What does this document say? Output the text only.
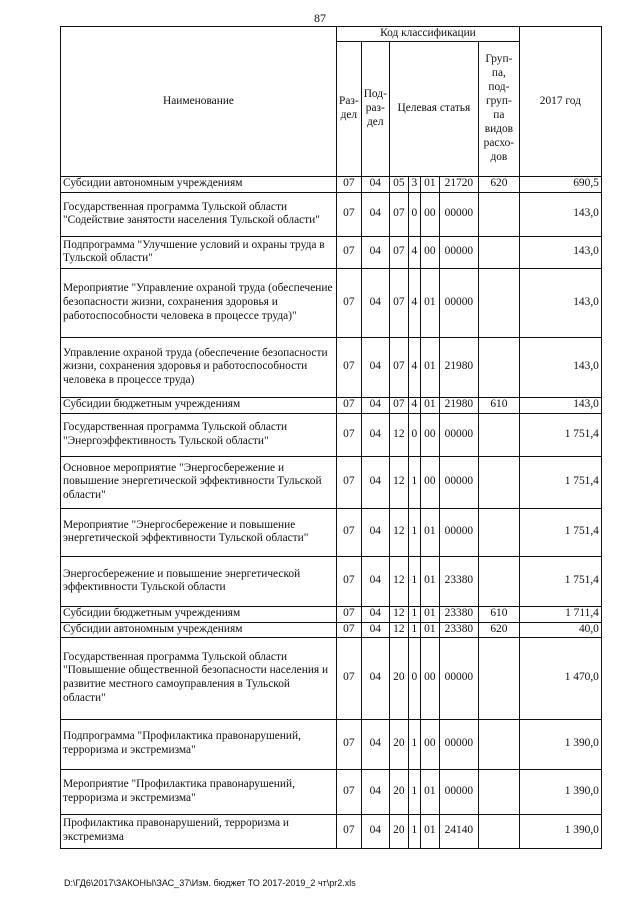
87
Наименование	Код классификации							2017 год
	Раз- дел	Под- раз- дел	Целевая статья				Груп- па, под- груп- па видов расхо- дов	
Субсидии автономным учреждениям	07	04	05	3	01	21720	620	690,5
Государственная программа Тульской области "Содействие занятости населения Тульской области"	07	04	07	0	00	00000		143,0
Подпрограмма "Улучшение условий и охраны труда в Тульской области"	07	04	07	4	00	00000		143,0
Мероприятие "Управление охраной труда (обеспечение безопасности жизни, сохранения здоровья и работоспособности человека в процессе труда)"	07	04	07	4	01	00000		143,0
Управление охраной труда (обеспечение безопасности жизни, сохранения здоровья и работоспособности человека в процессе труда)	07	04	07	4	01	21980		143,0
Субсидии бюджетным учреждениям	07	04	07	4	01	21980	610	143,0
Государственная программа Тульской области "Энергоэффективность Тульской области"	07	04	12	0	00	00000		1 751,4
Основное мероприятие "Энергосбережение и повышение энергетической эффективности Тульской области"	07	04	12	1	00	00000		1 751,4
Мероприятие "Энергосбережение и повышение энергетической эффективности Тульской области"	07	04	12	1	01	00000		1 751,4
Энергосбережение и повышение энергетической эффективности Тульской области	07	04	12	1	01	23380		1 751,4
Субсидии бюджетным учреждениям	07	04	12	1	01	23380	610	1 711,4
Субсидии автономным учреждениям	07	04	12	1	01	23380	620	40,0
Государственная программа Тульской области "Повышение общественной безопасности населения и развитие местного самоуправления в Тульской области"	07	04	20	0	00	00000		1 470,0
Подпрограмма "Профилактика правонарушений, терроризма и экстремизма"	07	04	20	1	00	00000		1 390,0
Мероприятие "Профилактика правонарушений, терроризма и экстремизма"	07	04	20	1	01	00000		1 390,0
Профилактика правонарушений, терроризма и экстремизма	07	04	20	1	01	24140		1 390,0
D:\ГД6\2017\ЗАКОНЫ\ЗАС_37\Изм. бюджет ТО 2017-2019_2 чт\pr2.xls
